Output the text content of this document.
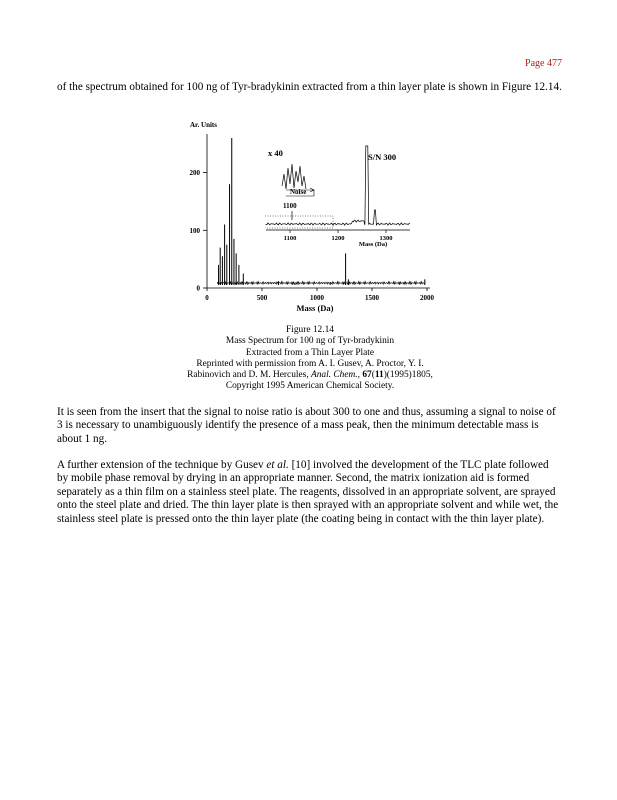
Page 477

of the spectrum obtained for 100 ng of Tyr-bradykinin extracted from a thin layer plate is shown in Figure 12.14.

Ar. Units
Mass (Da)
0
100
200
0	500	1000	1500	2000
x 40	S/N 300
Noise
1100
1100	1200	1300
Mass (Da)
Figure 12.14
Mass Spectrum for 100 ng of Tyr-bradykinin
Extracted from a Thin Layer Plate
Reprinted with permission from A. I. Gusev, A. Proctor, Y. I.
Rabinovich and D. M. Hercules, Anal. Chem., 67(11)(1995)1805,
Copyright 1995 American Chemical Society.

It is seen from the insert that the signal to noise ratio is about 300 to one and thus, assuming a signal to noise of 3 is necessary to unambiguously identify the presence of a mass peak, then the minimum detectable mass is about 1 ng.

A further extension of the technique by Gusev et al. [10] involved the development of the TLC plate followed by mobile phase removal by drying in an appropriate manner. Second, the matrix ionization aid is formed separately as a thin film on a stainless steel plate. The reagents, dissolved in an appropriate solvent, are sprayed onto the steel plate and dried. The thin layer plate is then sprayed with an appropriate solvent and while wet, the stainless steel plate is pressed onto the thin layer plate (the coating being in contact with the thin layer plate).
